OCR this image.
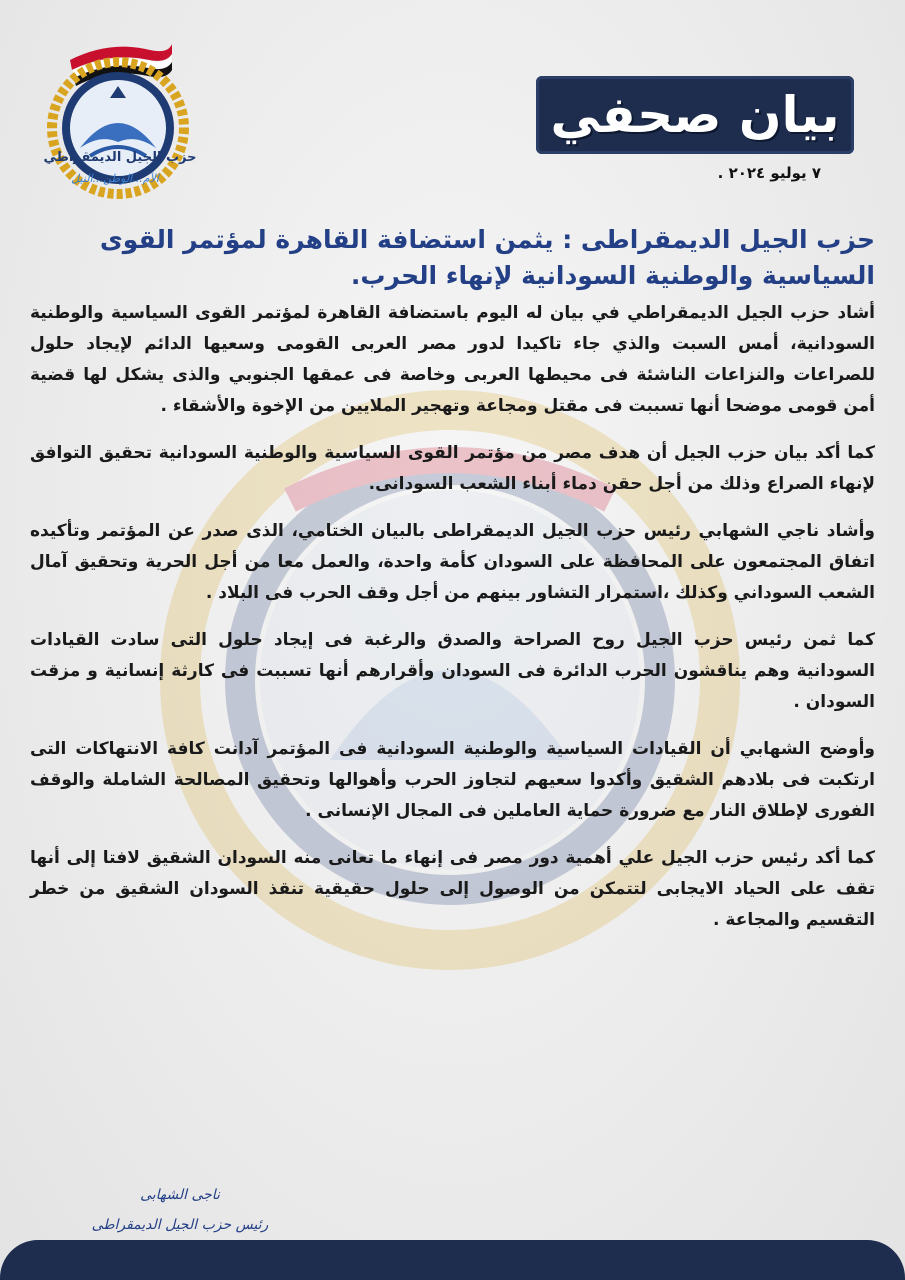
حزب الجيل الديمقراطي
الأم...الوطن...النيل
بيان صحفي
٧ يوليو ٢٠٢٤ .
حزب الجيل الديمقراطى : يثمن استضافة القاهرة لمؤتمر القوى السياسية والوطنية السودانية لإنهاء الحرب.

أشاد حزب الجيل الديمقراطي في بيان له اليوم باستضافة القاهرة لمؤتمر القوى السياسية والوطنية السودانية، أمس السبت والذي جاء تاكيدا لدور مصر العربى القومى وسعيها الدائم لإيجاد حلول للصراعات والنزاعات الناشئة فى محيطها العربى وخاصة فى عمقها الجنوبي والذى يشكل لها قضية أمن قومى موضحا أنها تسببت فى مقتل ومجاعة وتهجير الملايين من الإخوة والأشقاء .

كما أكد بيان حزب الجيل أن هدف مصر من مؤتمر القوى السياسية والوطنية السودانية تحقيق التوافق لإنهاء الصراع وذلك من أجل حقن دماء أبناء الشعب السودانى.

وأشاد ناجي الشهابي رئيس حزب الجيل الديمقراطى بالبيان الختامي، الذى صدر عن المؤتمر وتأكيده اتفاق المجتمعون على المحافظة على السودان كأمة واحدة، والعمل معا من أجل الحرية وتحقيق آمال الشعب السوداني وكذلك ،استمرار التشاور بينهم من أجل وقف الحرب فى البلاد .

كما ثمن رئيس حزب الجيل روح الصراحة والصدق والرغبة فى إيجاد حلول التى سادت القيادات السودانية وهم يناقشون الحرب الدائرة فى السودان وأقرارهم أنها تسببت فى كارثة إنسانية و مزقت السودان .

وأوضح الشهابي أن القيادات السياسية والوطنية السودانية فى المؤتمر آدانت كافة الانتهاكات التى ارتكبت فى بلادهم الشقيق وأكدوا سعيهم لتجاوز الحرب وأهوالها وتحقيق المصالحة الشاملة والوقف الفورى لإطلاق النار مع ضرورة حماية العاملين فى المجال الإنسانى .

كما أكد رئيس حزب الجيل علي أهمية دور مصر فى إنهاء ما تعانى منه السودان الشقيق لافتا إلى أنها تقف على الحياد الايجابى لتتمكن من الوصول إلى حلول حقيقية تنقذ السودان الشقيق من خطر التقسيم والمجاعة .

ناجى الشهابى
رئيس حزب الجيل الديمقراطى
